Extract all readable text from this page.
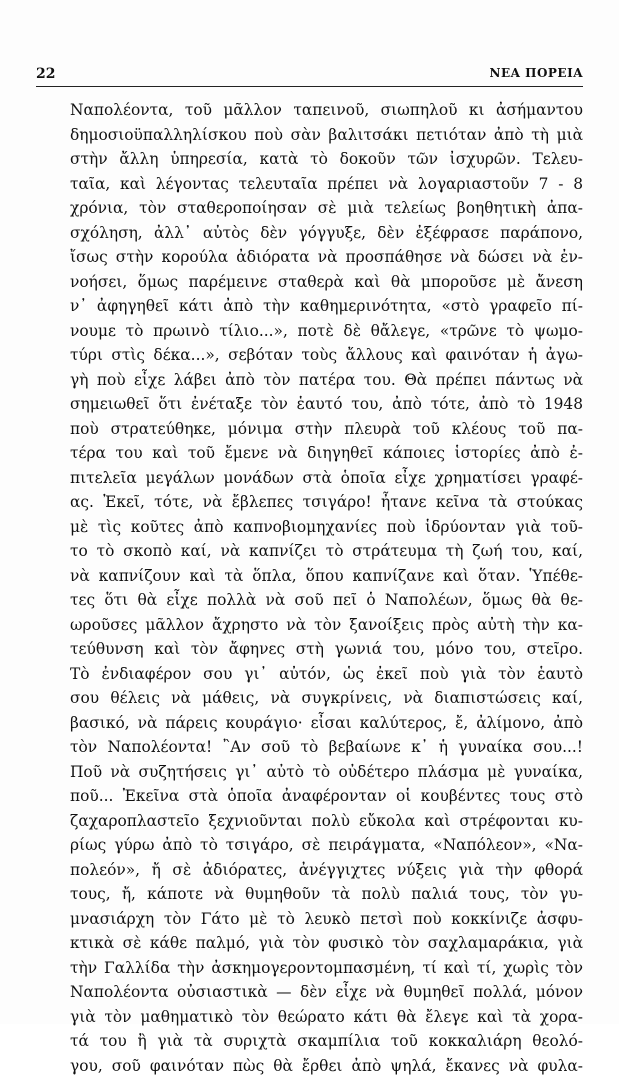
22	ΝΕΑ ΠΟΡΕΙΑ
Ναπολέοντα, τοῦ μᾶλλον ταπεινοῦ, σιωπηλοῦ κι ἀσήμαντου
δημοσιοϋπαλληλίσκου ποὺ σὰν βαλιτσάκι πετιόταν ἀπὸ τὴ μιὰ
στὴν ἄλλη ὑπηρεσία, κατὰ τὸ δοκοῦν τῶν ἰσχυρῶν. Τελευ-
ταῖα, καὶ λέγοντας τελευταῖα πρέπει νὰ λογαριαστοῦν 7 - 8
χρόνια, τὸν σταθεροποίησαν σὲ μιὰ τελείως βοηθητικὴ ἀπα-
σχόληση, ἀλλ᾽ αὐτὸς δὲν γόγγυξε, δὲν ἐξέφρασε παράπονο,
ἴσως στὴν κορούλα ἀδιόρατα νὰ προσπάθησε νὰ δώσει νὰ ἐν-
νοήσει, ὅμως παρέμεινε σταθερὰ καὶ θὰ μποροῦσε μὲ ἄνεση
ν᾽ ἀφηγηθεῖ κάτι ἀπὸ τὴν καθημερινότητα, «στὸ γραφεῖο πί-
νουμε τὸ πρωινὸ τίλιο...», ποτὲ δὲ θἄλεγε, «τρῶνε τὸ ψωμο-
τύρι στὶς δέκα...», σεβόταν τοὺς ἄλλους καὶ φαινόταν ἡ ἀγω-
γὴ ποὺ εἶχε λάβει ἀπὸ τὸν πατέρα του. Θὰ πρέπει πάντως νὰ
σημειωθεῖ ὅτι ἐνέταξε τὸν ἑαυτό του, ἀπὸ τότε, ἀπὸ τὸ 1948
ποὺ στρατεύθηκε, μόνιμα στὴν πλευρὰ τοῦ κλέους τοῦ πα-
τέρα του καὶ τοῦ ἔμενε νὰ διηγηθεῖ κάποιες ἱστορίες ἀπὸ ἐ-
πιτελεῖα μεγάλων μονάδων στὰ ὁποῖα εἶχε χρηματίσει γραφέ-
ας. Ἐκεῖ, τότε, νὰ ἔβλεπες τσιγάρο! ἦτανε κεῖνα τὰ στούκας
μὲ τὶς κοῦτες ἀπὸ καπνοβιομηχανίες ποὺ ἱδρύονταν γιὰ τοῦ-
το τὸ σκοπὸ καί, νὰ καπνίζει τὸ στράτευμα τὴ ζωή του, καί,
νὰ καπνίζουν καὶ τὰ ὅπλα, ὅπου καπνίζανε καὶ ὅταν. Ὑπέθε-
τες ὅτι θὰ εἶχε πολλὰ νὰ σοῦ πεῖ ὁ Ναπολέων, ὅμως θὰ θε-
ωροῦσες μᾶλλον ἄχρηστο νὰ τὸν ξανοίξεις πρὸς αὐτὴ τὴν κα-
τεύθυνση καὶ τὸν ἄφηνες στὴ γωνιά του, μόνο του, στεῖρο.
Τὸ ἐνδιαφέρον σου γι᾽ αὐτόν, ὡς ἐκεῖ ποὺ γιὰ τὸν ἑαυτὸ
σου θέλεις νὰ μάθεις, νὰ συγκρίνεις, νὰ διαπιστώσεις καί,
βασικό, νὰ πάρεις κουράγιο· εἶσαι καλύτερος, ἔ, ἀλίμονο, ἀπὸ
τὸν Ναπολέοντα! ῍Αν σοῦ τὸ βεβαίωνε κ᾽ ἡ γυναίκα σου...!
Ποῦ νὰ συζητήσεις γι᾽ αὐτὸ τὸ οὐδέτερο πλάσμα μὲ γυναίκα,
ποῦ... Ἐκεῖνα στὰ ὁποῖα ἀναφέρονταν οἱ κουβέντες τους στὸ
ζαχαροπλαστεῖο ξεχνιοῦνται πολὺ εὔκολα καὶ στρέφονται κυ-
ρίως γύρω ἀπὸ τὸ τσιγάρο, σὲ πειράγματα, «Ναπόλεον», «Να-
πολεόν», ἤ σὲ ἀδιόρατες, ἀνέγγιχτες νύξεις γιὰ τὴν φθορά
τους, ἤ, κάποτε νὰ θυμηθοῦν τὰ πολὺ παλιά τους, τὸν γυ-
μνασιάρχη τὸν Γάτο μὲ τὸ λευκὸ πετσὶ ποὺ κοκκίνιζε ἀσφυ-
κτικὰ σὲ κάθε παλμό, γιὰ τὸν φυσικὸ τὸν σαχλαμαράκια, γιὰ
τὴν Γαλλίδα τὴν ἀσκημογεροντομπασμένη, τί καὶ τί, χωρὶς τὸν
Ναπολέοντα οὐσιαστικὰ — δὲν εἶχε νὰ θυμηθεῖ πολλά, μόνον
γιὰ τὸν μαθηματικὸ τὸν θεώρατο κάτι θὰ ἔλεγε καὶ τὰ χορα-
τά του ἢ γιὰ τὰ συριχτὰ σκαμπίλια τοῦ κοκκαλιάρη θεολό-
γου, σοῦ φαινόταν πὼς θὰ ἔρθει ἀπὸ ψηλά, ἔκανες νὰ φυλα-
